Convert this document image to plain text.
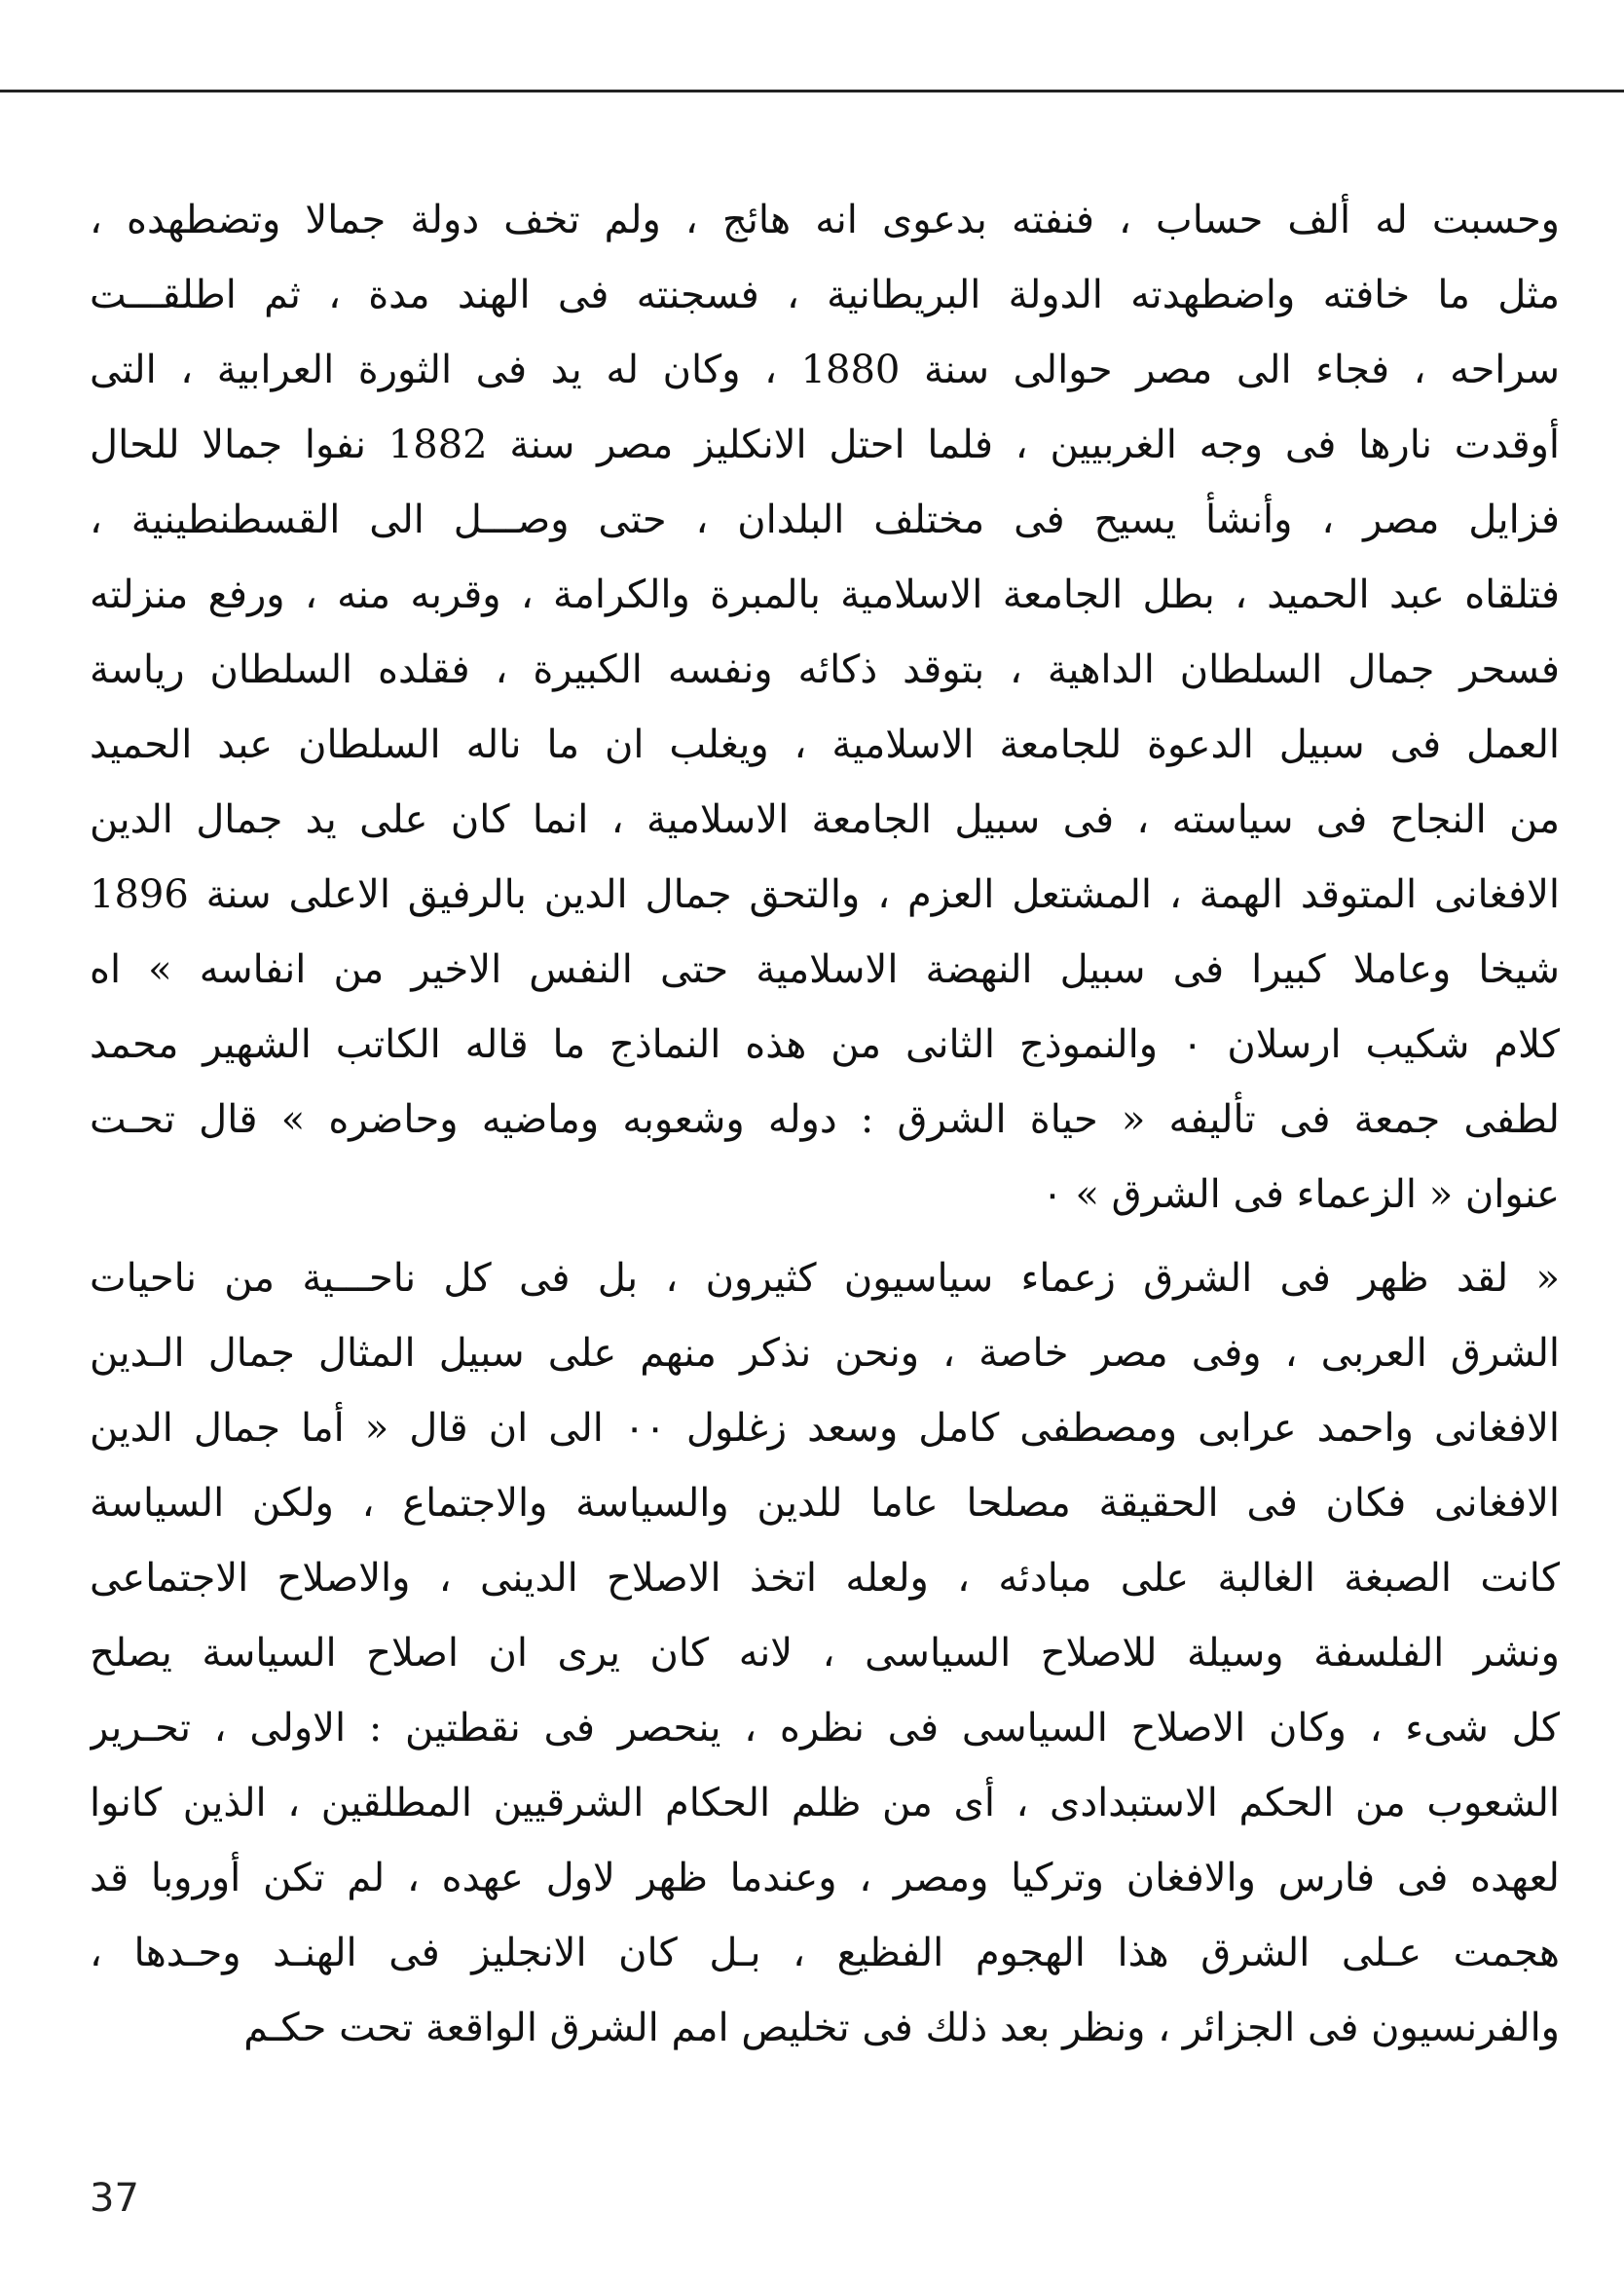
وحسبت له ألف حساب ، فنفته بدعوى انه هائج ، ولم تخف دولة جمالا وتضطهده ،
مثل ما خافته واضطهدته الدولة البريطانية ، فسجنته فى الهند مدة ، ثم اطلقـــت
سراحه ، فجاء الى مصر حوالى سنة 1880 ، وكان له يد فى الثورة العرابية ، التى
أوقدت نارها فى وجه الغربيين ، فلما احتل الانكليز مصر سنة 1882 نفوا جمالا للحال
فزايل مصر ، وأنشأ يسيح فى مختلف البلدان ، حتى وصـــل الى القسطنطينية ،
فتلقاه عبد الحميد ، بطل الجامعة الاسلامية بالمبرة والكرامة ، وقربه منه ، ورفع منزلته
فسحر جمال السلطان الداهية ، بتوقد ذكائه ونفسه الكبيرة ، فقلده السلطان رياسة
العمل فى سبيل الدعوة للجامعة الاسلامية ، ويغلب ان ما ناله السلطان عبد الحميد
من النجاح فى سياسته ، فى سبيل الجامعة الاسلامية ، انما كان على يد جمال الدين
الافغانى المتوقد الهمة ، المشتعل العزم ، والتحق جمال الدين بالرفيق الاعلى سنة 1896
شيخا وعاملا كبيرا فى سبيل النهضة الاسلامية حتى النفس الاخير من انفاسه » اه
كلام شكيب ارسلان ٠ والنموذج الثانى من هذه النماذج ما قاله الكاتب الشهير محمد
لطفى جمعة فى تأليفه « حياة الشرق : دوله وشعوبه وماضيه وحاضره » قال تحـت
عنوان « الزعماء فى الشرق » ٠
« لقد ظهر فى الشرق زعماء سياسيون كثيرون ، بل فى كل ناحـــية من ناحيات
الشرق العربى ، وفى مصر خاصة ، ونحن نذكر منهم على سبيل المثال جمال الـدين
الافغانى واحمد عرابى ومصطفى كامل وسعد زغلول ٠٠ الى ان قال « أما جمال الدين
الافغانى فكان فى الحقيقة مصلحا عاما للدين والسياسة والاجتماع ، ولكن السياسة
كانت الصبغة الغالبة على مبادئه ، ولعله اتخذ الاصلاح الدينى ، والاصلاح الاجتماعى
ونشر الفلسفة وسيلة للاصلاح السياسى ، لانه كان يرى ان اصلاح السياسة يصلح
كل شىء ، وكان الاصلاح السياسى فى نظره ، ينحصر فى نقطتين : الاولى ، تحـرير
الشعوب من الحكم الاستبدادى ، أى من ظلم الحكام الشرقيين المطلقين ، الذين كانوا
لعهده فى فارس والافغان وتركيا ومصر ، وعندما ظهر لاول عهده ، لم تكن أوروبا قد
هجمت عـلى الشرق هذا الهجوم الفظيع ، بـل كان الانجليز فى الهنـد وحـدها ،
والفرنسيون فى الجزائر ، ونظر بعد ذلك فى تخليص امم الشرق الواقعة تحت حكـم
37
